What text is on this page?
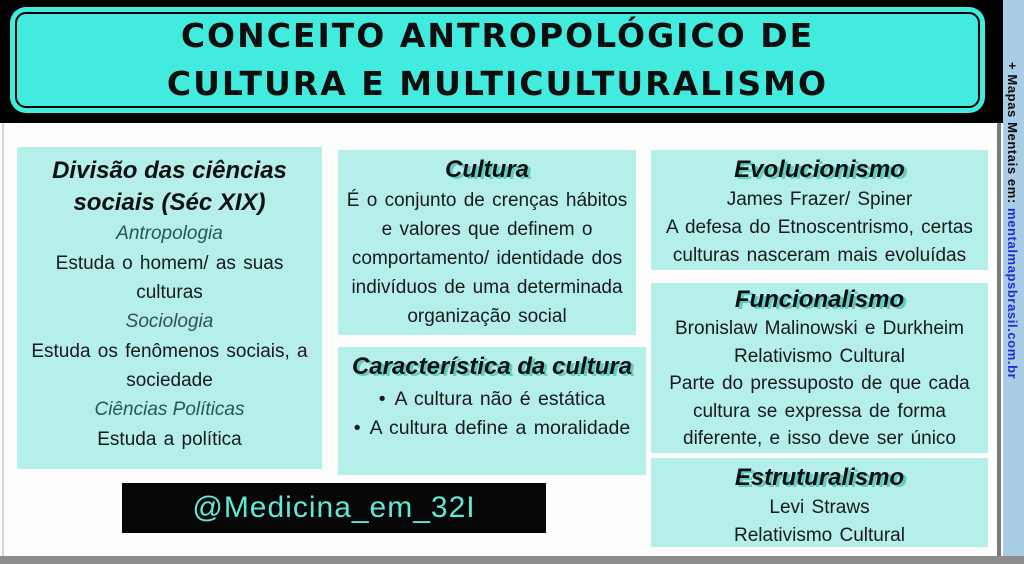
CONCEITO ANTROPOLÓGICO DE
CULTURA E MULTICULTURALISMO	+ Mapas Mentais em: mentalmapsbrasil.com.br
Divisão das ciências sociais (Séc XIX)
Antropologia
Estuda o homem/ as suas culturas
Sociologia
Estuda os fenômenos sociais, a sociedade
Ciências Políticas
Estuda a política
Cultura
É o conjunto de crenças hábitos e valores que definem o comportamento/ identidade dos indivíduos de uma determinada organização social
Característica da cultura
•A cultura não é estática
•A cultura define a moralidade
Evolucionismo
James Frazer/ Spiner
A defesa do Etnoscentrismo, certas culturas nasceram mais evoluídas
Funcionalismo
Bronislaw Malinowski e Durkheim
Relativismo Cultural
Parte do pressuposto de que cada cultura se expressa de forma diferente, e isso deve ser único
Estruturalismo
Levi Straws
Relativismo Cultural
@Medicina_em_32I
